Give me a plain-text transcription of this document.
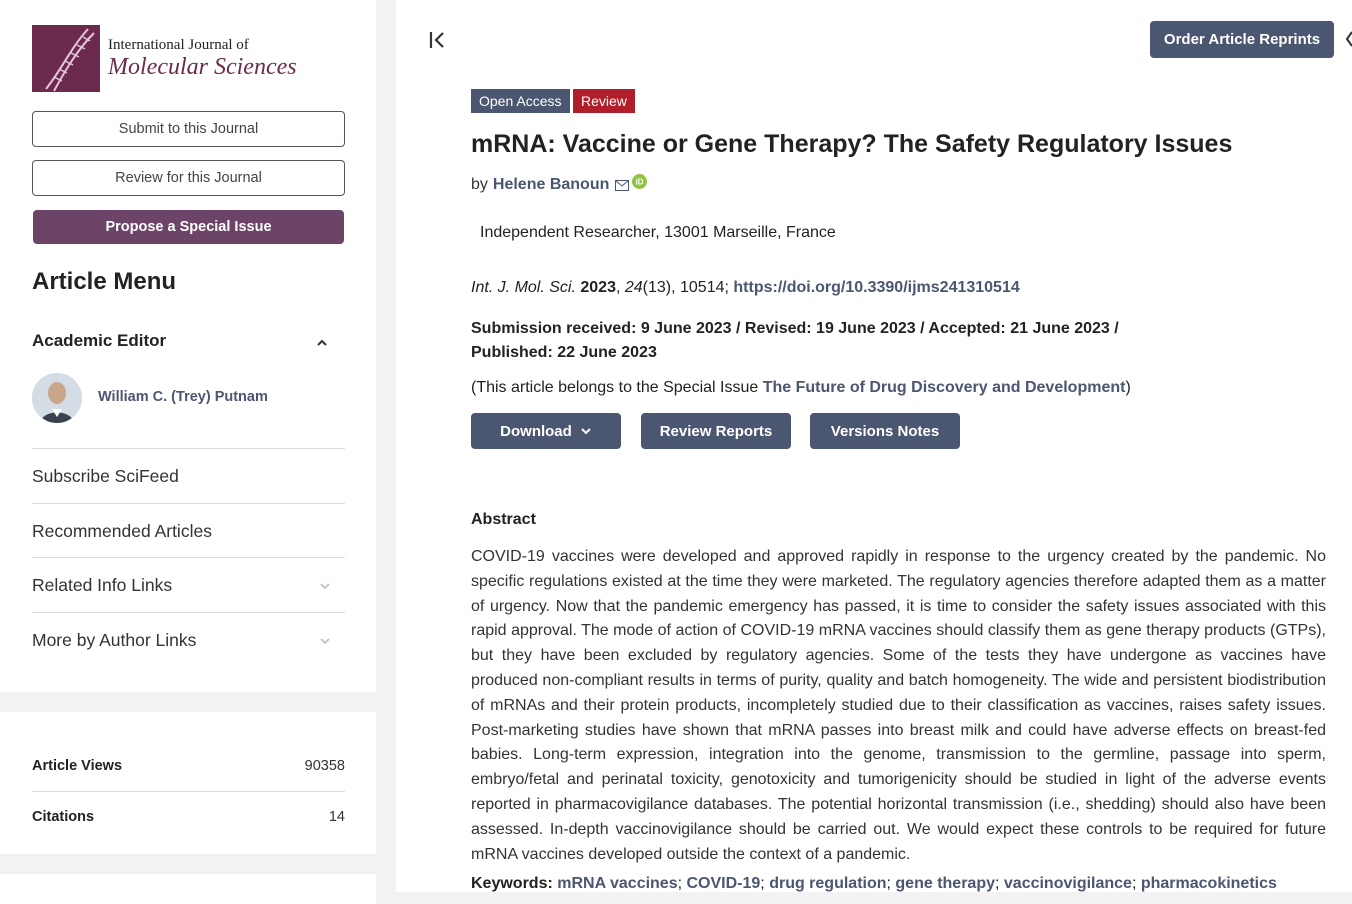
International Journal of
Molecular Sciences
Submit to this Journal
Review for this Journal
Propose a Special Issue
Article Menu
Academic Editor
William C. (Trey) Putnam
Subscribe SciFeed
Recommended Articles
Related Info Links
More by Author Links
Article Views	90358
Citations	14
Order Article Reprints
Open Access	Review
mRNA: Vaccine or Gene Therapy? The Safety Regulatory Issues
by Helene Banoun	iD
Independent Researcher, 13001 Marseille, France
Int. J. Mol. Sci. 2023, 24(13), 10514; https://doi.org/10.3390/ijms241310514
Submission received: 9 June 2023 / Revised: 19 June 2023 / Accepted: 21 June 2023 /
Published: 22 June 2023
(This article belongs to the Special Issue The Future of Drug Discovery and Development)
Download	Review Reports	Versions Notes
Abstract
COVID-19 vaccines were developed and approved rapidly in response to the urgency created by the pandemic. No specific regulations existed at the time they were marketed. The regulatory agencies therefore adapted them as a matter of urgency. Now that the pandemic emergency has passed, it is time to consider the safety issues associated with this rapid approval. The mode of action of COVID-19 mRNA vaccines should classify them as gene therapy products (GTPs), but they have been excluded by regulatory agencies. Some of the tests they have undergone as vaccines have produced non-compliant results in terms of purity, quality and batch homogeneity. The wide and persistent biodistribution of mRNAs and their protein products, incompletely studied due to their classification as vaccines, raises safety issues. Post-marketing studies have shown that mRNA passes into breast milk and could have adverse effects on breast-fed babies. Long-term expression, integration into the genome, transmission to the germline, passage into sperm, embryo/fetal and perinatal toxicity, genotoxicity and tumorigenicity should be studied in light of the adverse events reported in pharmacovigilance databases. The potential horizontal transmission (i.e., shedding) should also have been assessed. In-depth vaccinovigilance should be carried out. We would expect these controls to be required for future mRNA vaccines developed outside the context of a pandemic.
Keywords: mRNA vaccines; COVID-19; drug regulation; gene therapy; vaccinovigilance; pharmacokinetics
